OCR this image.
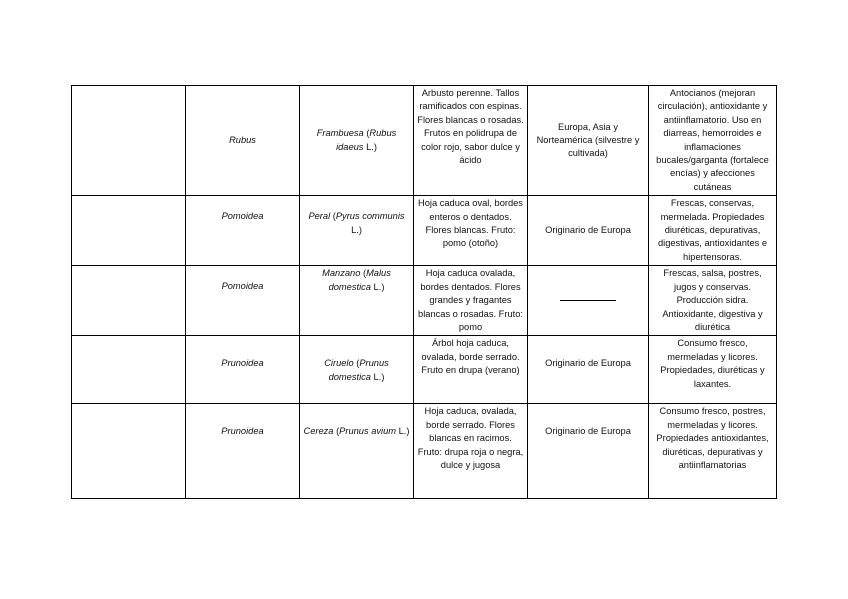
	Rubus	Frambuesa (Rubus idaeus L.)	Arbusto perenne. Tallos ramificados con espinas. Flores blancas o rosadas. Frutos en polidrupa de color rojo, sabor dulce y ácido	Europa, Asia y Norteamérica (silvestre y cultivada)	Antocianos (mejoran circulación), antioxidante y antiinflamatorio. Uso en diarreas, hemorroides e inflamaciones bucales/garganta (fortalece encías) y afecciones cutáneas
	Pomoidea	Peral (Pyrus communis L.)	Hoja caduca oval, bordes enteros o dentados. Flores blancas. Fruto: pomo (otoño)	Originario de Europa	Frescas, conservas, mermelada. Propiedades diuréticas, depurativas, digestivas, antioxidantes e hipertensoras.
	Pomoidea	Manzano (Malus domestica L.)	Hoja caduca ovalada, bordes dentados. Flores grandes y fragantes blancas o rosadas. Fruto: pomo		Frescas, salsa, postres, jugos y conservas. Producción sidra. Antioxidante, digestiva y diurética
	Prunoidea	Ciruelo (Prunus domestica L.)	Árbol hoja caduca, ovalada, borde serrado. Fruto en drupa (verano)	Originario de Europa	Consumo fresco, mermeladas y licores. Propiedades, diuréticas y laxantes.
	Prunoidea	Cereza (Prunus avium L.)	Hoja caduca, ovalada, borde serrado. Flores blancas en racimos. Fruto: drupa roja o negra, dulce y jugosa	Originario de Europa	Consumo fresco, postres, mermeladas y licores. Propiedades antioxidantes, diuréticas, depurativas y antiinflamatorias
